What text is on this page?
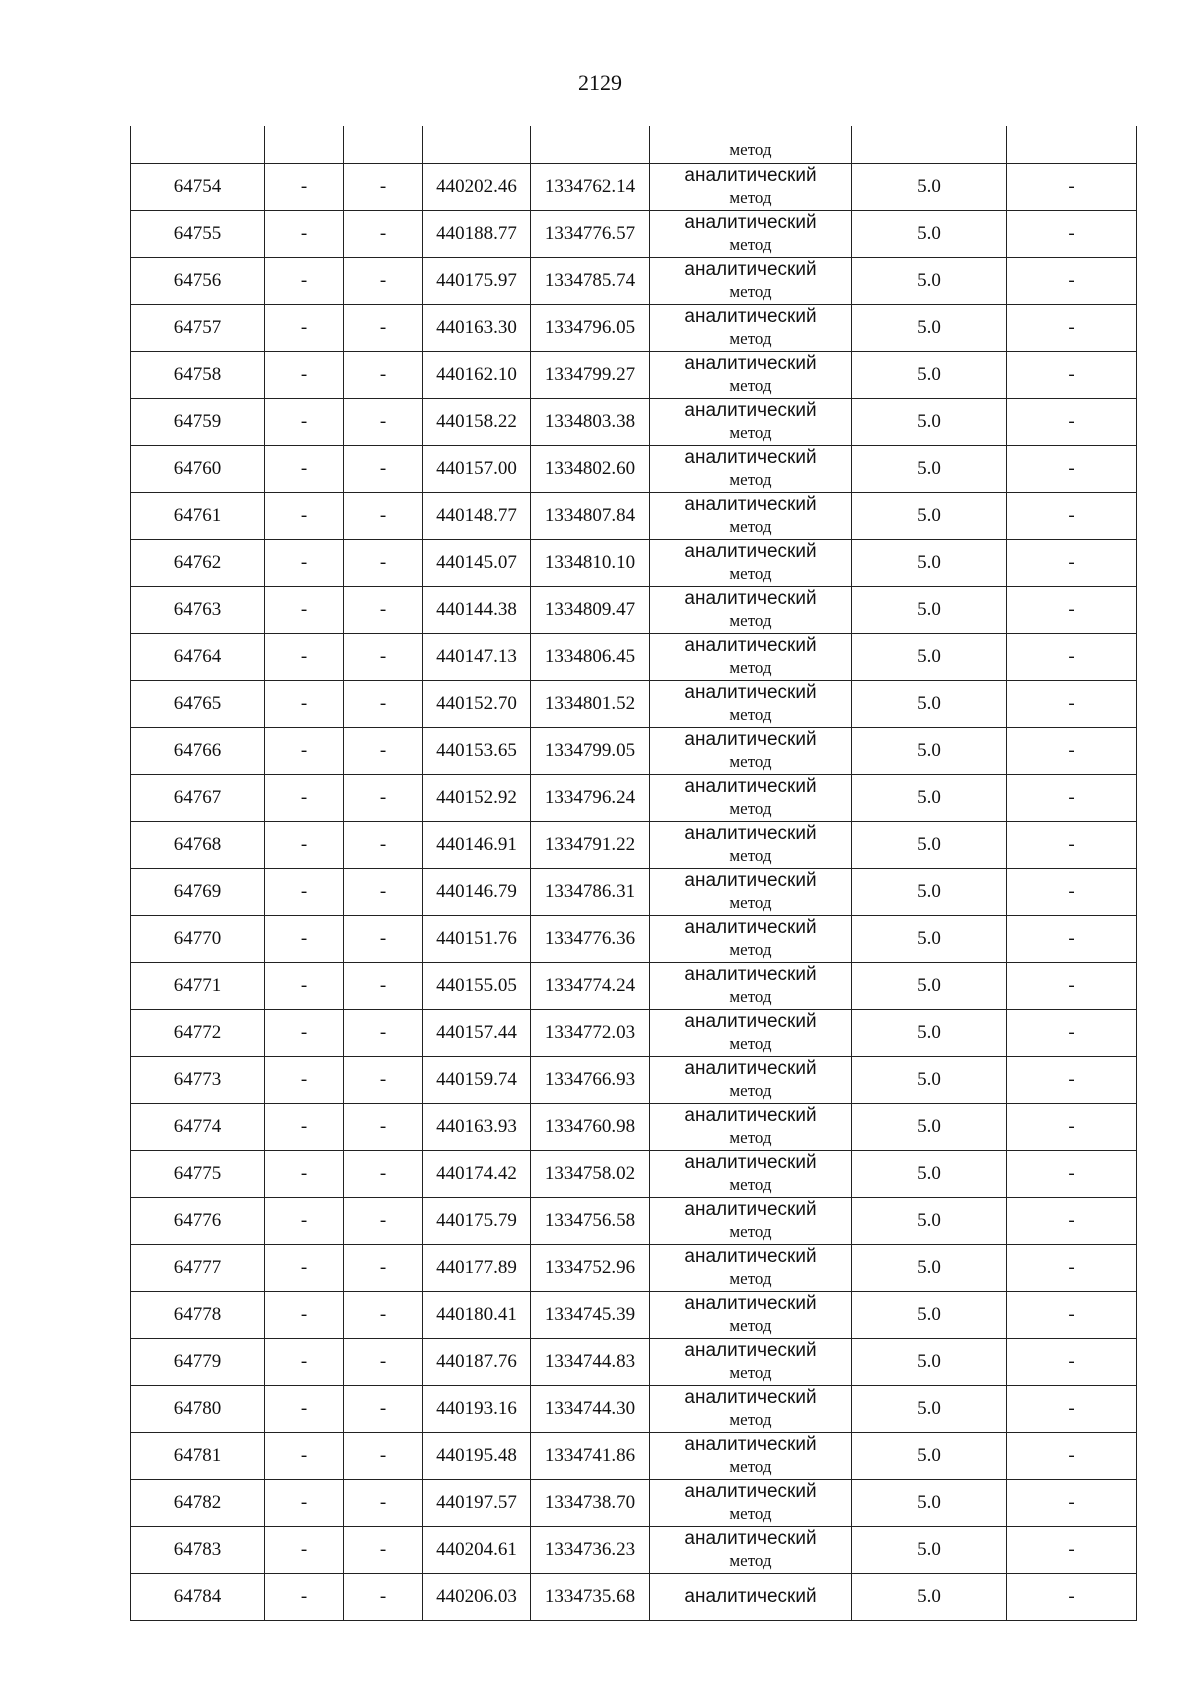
2129

					метод		

64754	-	-	440202.46	1334762.14	аналитический
метод	5.0	-
64755	-	-	440188.77	1334776.57	аналитический
метод	5.0	-
64756	-	-	440175.97	1334785.74	аналитический
метод	5.0	-
64757	-	-	440163.30	1334796.05	аналитический
метод	5.0	-
64758	-	-	440162.10	1334799.27	аналитический
метод	5.0	-
64759	-	-	440158.22	1334803.38	аналитический
метод	5.0	-
64760	-	-	440157.00	1334802.60	аналитический
метод	5.0	-
64761	-	-	440148.77	1334807.84	аналитический
метод	5.0	-
64762	-	-	440145.07	1334810.10	аналитический
метод	5.0	-
64763	-	-	440144.38	1334809.47	аналитический
метод	5.0	-
64764	-	-	440147.13	1334806.45	аналитический
метод	5.0	-
64765	-	-	440152.70	1334801.52	аналитический
метод	5.0	-
64766	-	-	440153.65	1334799.05	аналитический
метод	5.0	-
64767	-	-	440152.92	1334796.24	аналитический
метод	5.0	-
64768	-	-	440146.91	1334791.22	аналитический
метод	5.0	-
64769	-	-	440146.79	1334786.31	аналитический
метод	5.0	-
64770	-	-	440151.76	1334776.36	аналитический
метод	5.0	-
64771	-	-	440155.05	1334774.24	аналитический
метод	5.0	-
64772	-	-	440157.44	1334772.03	аналитический
метод	5.0	-
64773	-	-	440159.74	1334766.93	аналитический
метод	5.0	-
64774	-	-	440163.93	1334760.98	аналитический
метод	5.0	-
64775	-	-	440174.42	1334758.02	аналитический
метод	5.0	-
64776	-	-	440175.79	1334756.58	аналитический
метод	5.0	-
64777	-	-	440177.89	1334752.96	аналитический
метод	5.0	-
64778	-	-	440180.41	1334745.39	аналитический
метод	5.0	-
64779	-	-	440187.76	1334744.83	аналитический
метод	5.0	-
64780	-	-	440193.16	1334744.30	аналитический
метод	5.0	-
64781	-	-	440195.48	1334741.86	аналитический
метод	5.0	-
64782	-	-	440197.57	1334738.70	аналитический
метод	5.0	-
64783	-	-	440204.61	1334736.23	аналитический
метод	5.0	-
64784	-	-	440206.03	1334735.68	аналитический	5.0	-
